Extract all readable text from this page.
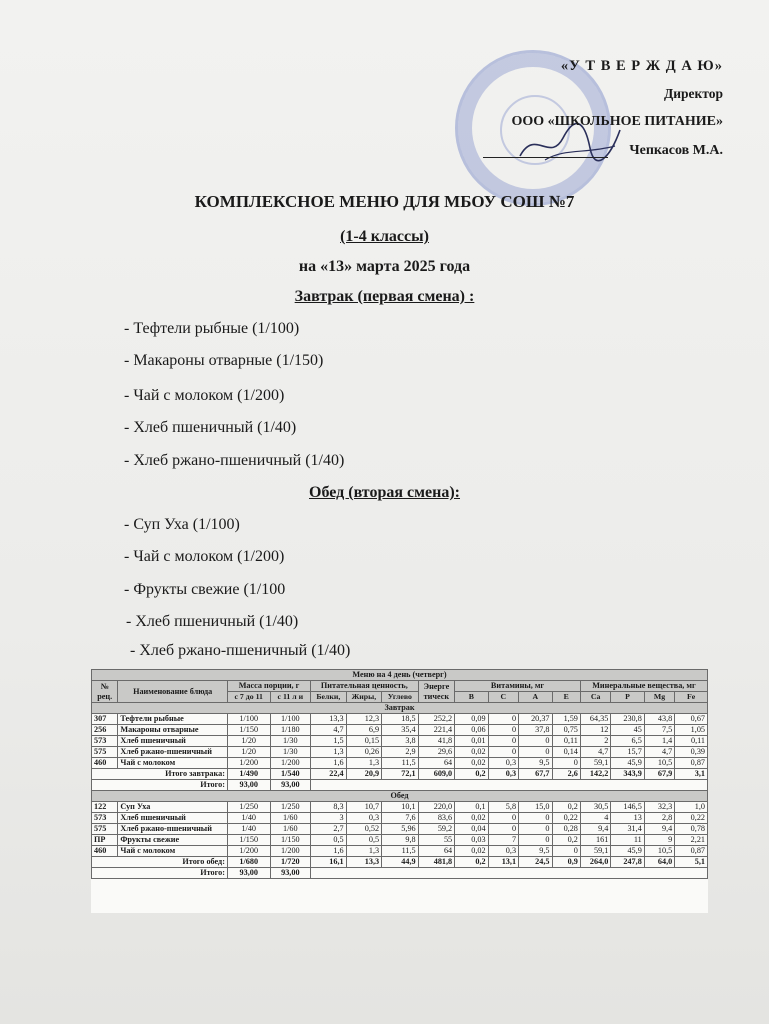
«У Т В Е Р Ж Д А Ю»
Директор
ООО «ШКОЛЬНОЕ ПИТАНИЕ»
Чепкасов М.А.
КОМПЛЕКСНОЕ МЕНЮ ДЛЯ МБОУ СОШ №7
(1-4 классы)
на «13» марта 2025 года
Завтрак (первая смена) :
- Тефтели рыбные (1/100)
- Макароны отварные (1/150)
- Чай с молоком (1/200)
- Хлеб пшеничный (1/40)
- Хлеб ржано-пшеничный (1/40)
Обед (вторая смена):
- Суп Уха (1/100)
- Чай с молоком (1/200)
- Фрукты свежие (1/100
- Хлеб пшеничный (1/40)
- Хлеб ржано-пшеничный (1/40)
Меню на 4 день (четверг)															
№ рец.	Наименование блюда	Масса порции, г		Питательная ценность,			Энерге тическ	Витамины, мг				Минеральные вещества, мг			
		с 7 до 11	с 11 л и	Белки,	Жиры,	Углево		B	C	A	E	Ca	P	Mg	Fe
Завтрак															
307	Тефтели рыбные	1/100	1/100	13,3	12,3	18,5	252,2	0,09	0	20,37	1,59	64,35	230,8	43,8	0,67
256	Макароны отварные	1/150	1/180	4,7	6,9	35,4	221,4	0,06	0	37,8	0,75	12	45	7,5	1,05
573	Хлеб пшеничный	1/20	1/30	1,5	0,15	3,8	41,8	0,01	0	0	0,11	2	6,5	1,4	0,11
575	Хлеб ржано-пшеничный	1/20	1/30	1,3	0,26	2,9	29,6	0,02	0	0	0,14	4,7	15,7	4,7	0,39
460	Чай с молоком	1/200	1/200	1,6	1,3	11,5	64	0,02	0,3	9,5	0	59,1	45,9	10,5	0,87
Итого завтрака:		1/490	1/540	22,4	20,9	72,1	609,0	0,2	0,3	67,7	2,6	142,2	343,9	67,9	3,1
Итого:		93,00	93,00												
Обед															
122	Суп Уха	1/250	1/250	8,3	10,7	10,1	220,0	0,1	5,8	15,0	0,2	30,5	146,5	32,3	1,0
573	Хлеб пшеничный	1/40	1/60	3	0,3	7,6	83,6	0,02	0	0	0,22	4	13	2,8	0,22
575	Хлеб ржано-пшеничный	1/40	1/60	2,7	0,52	5,96	59,2	0,04	0	0	0,28	9,4	31,4	9,4	0,78
ПР	Фрукты свежие	1/150	1/150	0,5	0,5	9,8	55	0,03	7	0	0,2	161	11	9	2,21
460	Чай с молоком	1/200	1/200	1,6	1,3	11,5	64	0,02	0,3	9,5	0	59,1	45,9	10,5	0,87
Итого обед:		1/680	1/720	16,1	13,3	44,9	481,8	0,2	13,1	24,5	0,9	264,0	247,8	64,0	5,1
Итого:		93,00	93,00												
